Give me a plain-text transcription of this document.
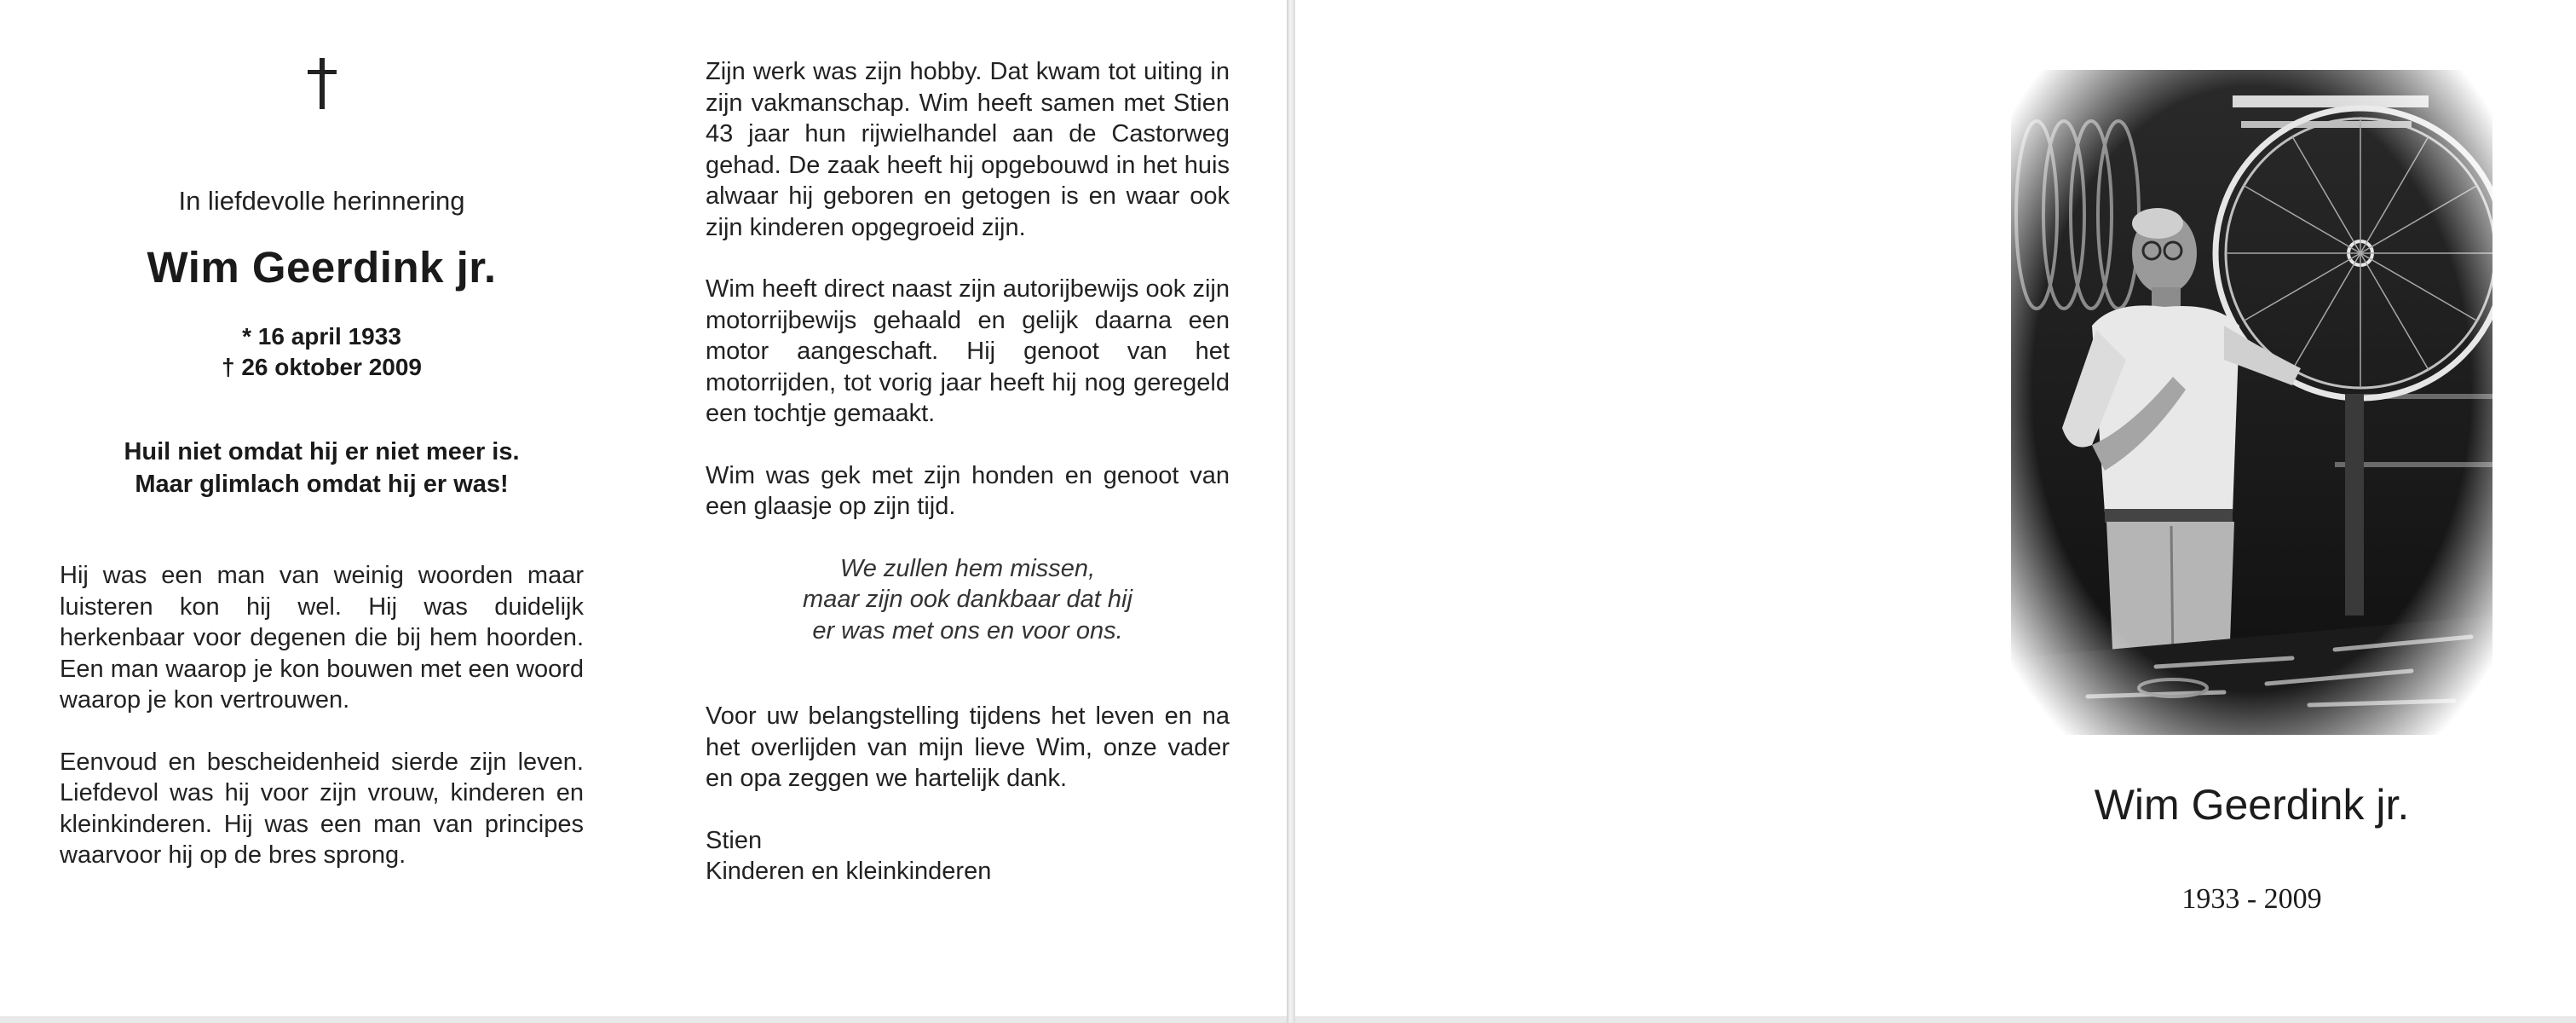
In liefdevolle herinnering
Wim Geerdink jr.
* 16 april 1933
† 26 oktober 2009
Huil niet omdat hij er niet meer is.
Maar glimlach omdat hij er was!
Hij was een man van weinig woorden maar luisteren kon hij wel. Hij was duidelijk herkenbaar voor degenen die bij hem hoorden. Een man waarop je kon bouwen met een woord waarop je kon vertrouwen.
Eenvoud en bescheidenheid sierde zijn leven. Liefdevol was hij voor zijn vrouw, kinderen en kleinkinderen. Hij was een man van principes waarvoor hij op de bres sprong.
Zijn werk was zijn hobby. Dat kwam tot uiting in zijn vakmanschap. Wim heeft samen met Stien 43 jaar hun rijwielhandel aan de Castorweg gehad. De zaak heeft hij opgebouwd in het huis alwaar hij geboren en getogen is en waar ook zijn kinderen opgegroeid zijn.
Wim heeft direct naast zijn autorijbewijs ook zijn motorrijbewijs gehaald en gelijk daarna een motor aangeschaft. Hij genoot van het motorrijden, tot vorig jaar heeft hij nog geregeld een tochtje gemaakt.
Wim was gek met zijn honden en genoot van een glaasje op zijn tijd.
We zullen hem missen,
maar zijn ook dankbaar dat hij
er was met ons en voor ons.
Voor uw belangstelling tijdens het leven en na het overlijden van mijn lieve Wim, onze vader en opa zeggen we hartelijk dank.
Stien
Kinderen en kleinkinderen
Wim Geerdink jr.
1933 - 2009
